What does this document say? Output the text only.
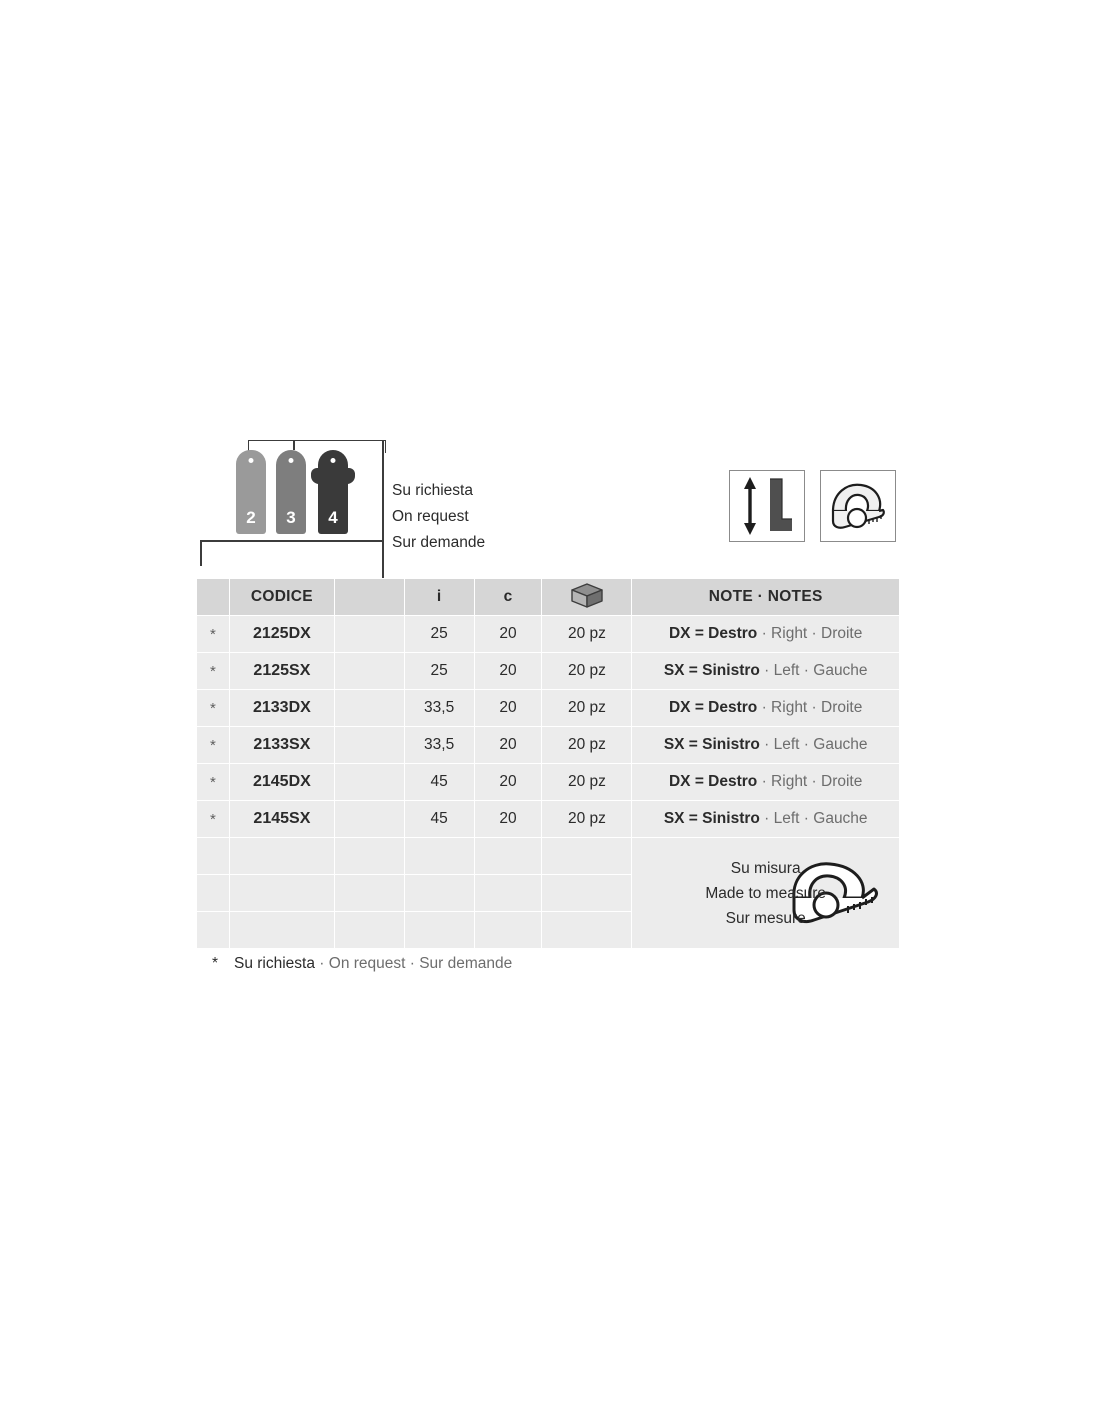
2	3	4
Su richiesta
On request
Sur demande
	CODICE		i	c		NOTE · NOTES
*	2125DX		25	20	20 pz	DX = Destro · Right · Droite
*	2125SX		25	20	20 pz	SX = Sinistro · Left · Gauche
*	2133DX		33,5	20	20 pz	DX = Destro · Right · Droite
*	2133SX		33,5	20	20 pz	SX = Sinistro · Left · Gauche
*	2145DX		45	20	20 pz	DX = Destro · Right · Droite
*	2145SX		45	20	20 pz	SX = Sinistro · Left · Gauche

						Su misura
Made to measure
Sur mesure

* Su richiesta · On request · Sur demande
